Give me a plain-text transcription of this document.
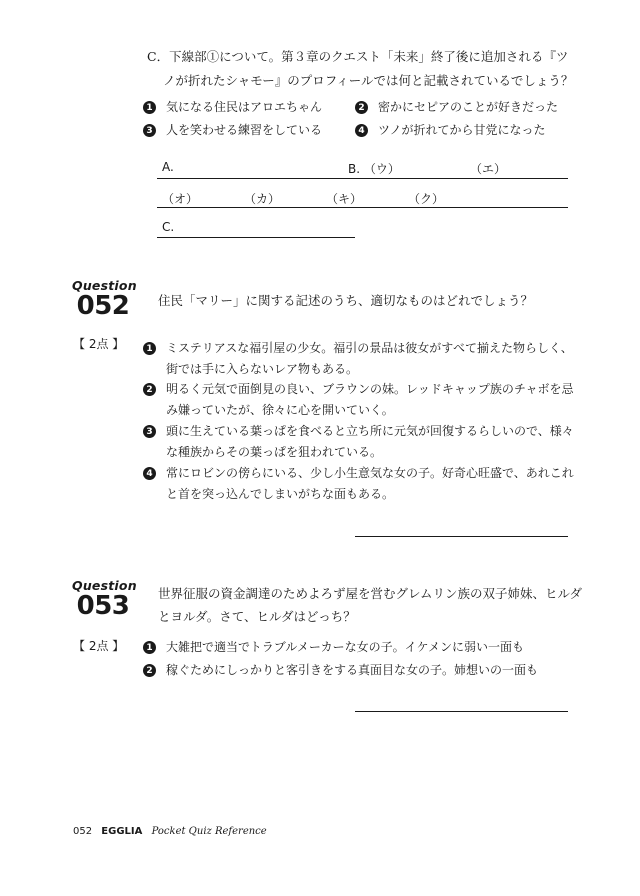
C．下線部①について。第３章のクエスト「未来」終了後に追加される『ツ
ノが折れたシャモー』のプロフィールでは何と記載されているでしょう？
1 気になる住民はアロエちゃん	2 密かにセピアのことが好きだった
3 人を笑わせる練習をしている	4 ツノが折れてから甘党になった
A.	B. （ウ）	（エ）
（オ）	（カ）	（キ）	（ク）
C.
Question
052	住民「マリー」に関する記述のうち、適切なものはどれでしょう？
【 2点 】	1 ミステリアスな福引屋の少女。福引の景品は彼女がすべて揃えた物らしく、
街では手に入らないレア物もある。
2 明るく元気で面倒見の良い、ブラウンの妹。レッドキャップ族のチャボを忌
み嫌っていたが、徐々に心を開いていく。
3 頭に生えている葉っぱを食べると立ち所に元気が回復するらしいので、様々
な種族からその葉っぱを狙われている。
4 常にロビンの傍らにいる、少し小生意気な女の子。好奇心旺盛で、あれこれ
と首を突っ込んでしまいがちな面もある。
Question
053	世界征服の資金調達のためよろず屋を営むグレムリン族の双子姉妹、ヒルダ
とヨルダ。さて、ヒルダはどっち？
【 2点 】	1 大雑把で適当でトラブルメーカーな女の子。イケメンに弱い一面も
2 稼ぐためにしっかりと客引きをする真面目な女の子。姉想いの一面も
052 EGGLIA Pocket Quiz Reference
